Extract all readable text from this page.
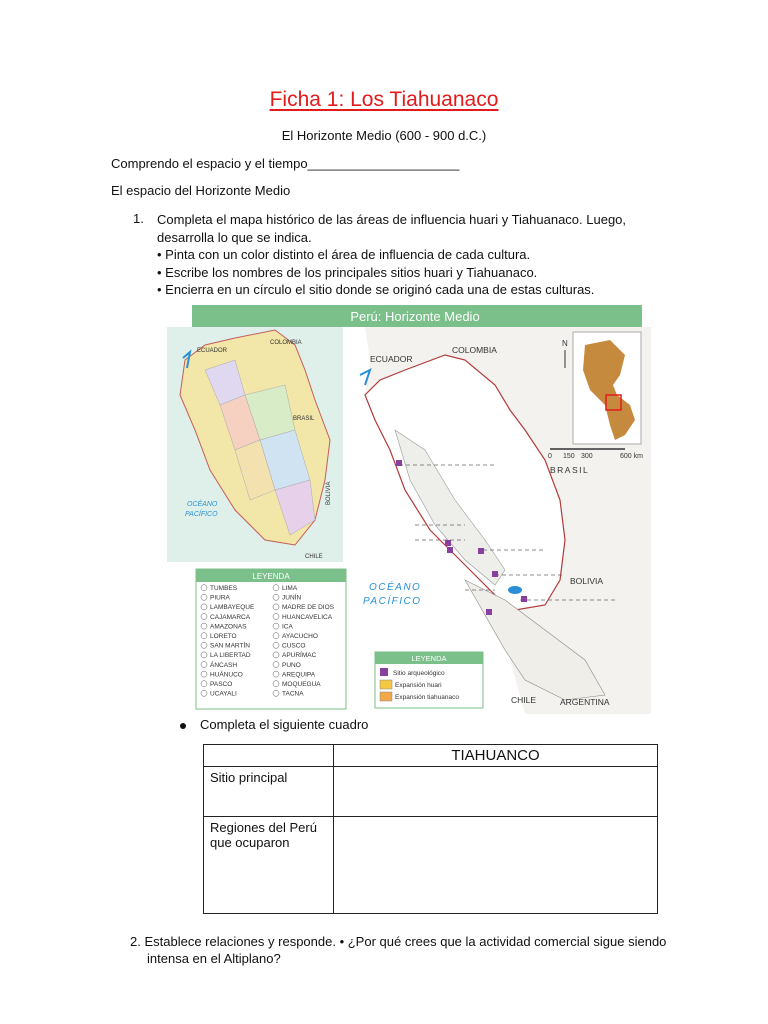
Ficha 1: Los Tiahuanaco
El Horizonte Medio (600 - 900 d.C.)
Comprendo el espacio y el tiempo_____________________
El espacio del Horizonte Medio
1. Completa el mapa histórico de las áreas de influencia huari y Tiahuanaco. Luego,
desarrolla lo que se indica.
• Pinta con un color distinto el área de influencia de cada cultura.
• Escribe los nombres de los principales sitios huari y Tiahuanaco.
• Encierra en un círculo el sitio donde se originó cada una de estas culturas.
Perú: Horizonte Medio
ECUADOR
COLOMBIA
BRASIL
BOLIVIA
CHILE	ARGENTINA
OCÉANO
PACÍFICO
N
0 150 300	600 km
ECUADOR
COLOMBIA
BRASIL
BOLIVIA
CHILE
OCÉANO
PACÍFICO
LEYENDA
TUMBES
PIURA
LAMBAYEQUE
CAJAMARCA
AMAZONAS
LORETO
SAN MARTÍN
LA LIBERTAD
ÁNCASH
HUÁNUCO
PASCO
UCAYALI
LIMA
JUNÍN
MADRE DE DIOS
HUANCAVELICA
ICA
AYACUCHO
CUSCO
APURÍMAC
PUNO
AREQUIPA
MOQUEGUA
TACNA
LEYENDA
Sitio arqueológico
Expansión huari
Expansión tiahuanaco
Completa el siguiente cuadro
	TIAHUANCO
Sitio principal	
Regiones del Perú
que ocuparon	
2. Establece relaciones y responde. • ¿Por qué crees que la actividad comercial sigue siendo
intensa en el Altiplano?
